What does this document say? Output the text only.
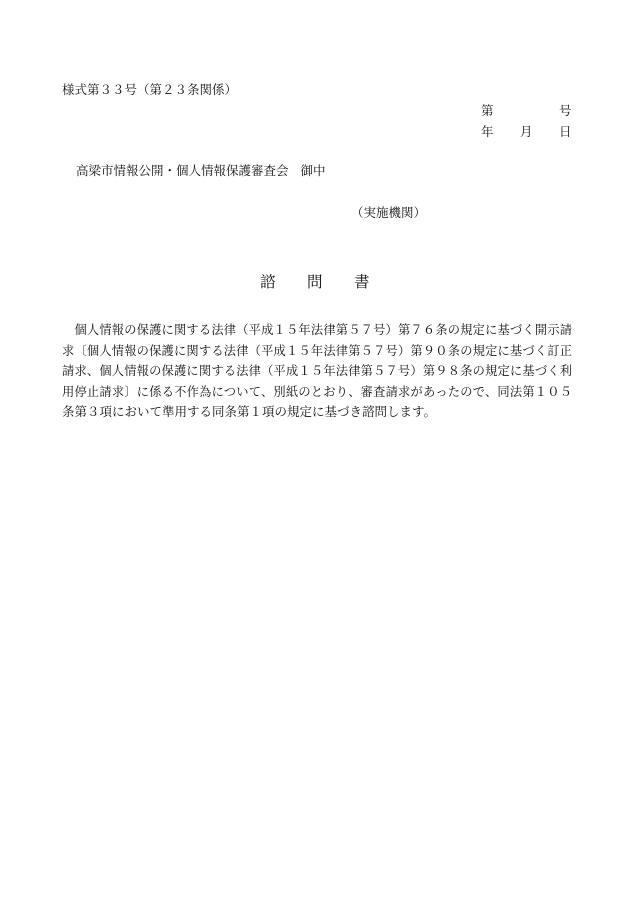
様式第３３号（第２３条関係）
第	号
年 月 日
高梁市情報公開・個人情報保護審査会 御中
（実施機関）
諮 問 書
　個人情報の保護に関する法律（平成１５年法律第５７号）第７６条の規定に基づく開示請
求〔個人情報の保護に関する法律（平成１５年法律第５７号）第９０条の規定に基づく訂正
請求、個人情報の保護に関する法律（平成１５年法律第５７号）第９８条の規定に基づく利
用停止請求〕に係る不作為について、別紙のとおり、審査請求があったので、同法第１０５
条第３項において準用する同条第１項の規定に基づき諮問します。
